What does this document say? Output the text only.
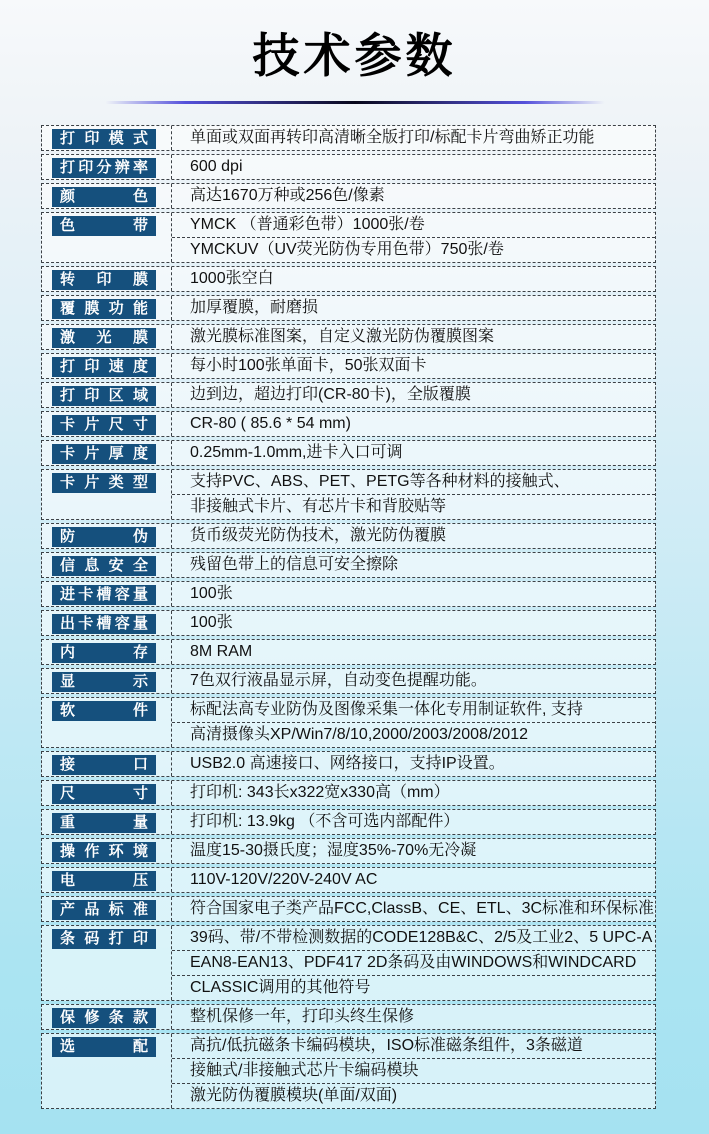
技术参数
打印模式	单面或双面再转印高清晰全版打印/标配卡片弯曲矫正功能
打印分辨率	600 dpi
颜色	高达1670万种或256色/像素
色带	YMCK （普通彩色带）1000张/卷
YMCKUV（UV荧光防伪专用色带）750张/卷
转印膜	1000张空白
覆膜功能	加厚覆膜，耐磨损
激光膜	激光膜标准图案，自定义激光防伪覆膜图案
打印速度	每小时100张单面卡，50张双面卡
打印区域	边到边，超边打印(CR-80卡)，全版覆膜
卡片尺寸	CR-80 ( 85.6 * 54 mm)
卡片厚度	0.25mm-1.0mm,进卡入口可调
卡片类型	支持PVC、ABS、PET、PETG等各种材料的接触式、
非接触式卡片、有芯片卡和背胶贴等
防伪	货币级荧光防伪技术，激光防伪覆膜
信息安全	残留色带上的信息可安全擦除
进卡槽容量	100张
出卡槽容量	100张
内存	8M RAM
显示	7色双行液晶显示屏，自动变色提醒功能。
软件	标配法高专业防伪及图像采集一体化专用制证软件, 支持
高清摄像头XP/Win7/8/10,2000/2003/2008/2012
接口	USB2.0 高速接口、网络接口，支持IP设置。
尺寸	打印机: 343长x322宽x330高（mm）
重量	打印机: 13.9kg （不含可选内部配件）
操作环境	温度15-30摄氏度；湿度35%-70%无冷凝
电压	110V-120V/220V-240V AC
产品标准	符合国家电子类产品FCC,ClassB、CE、ETL、3C标准和环保标准
条码打印	39码、带/不带检测数据的CODE128B&C、2/5及工业2、5 UPC-A
EAN8-EAN13、PDF417 2D条码及由WINDOWS和WINDCARD
CLASSIC调用的其他符号
保修条款	整机保修一年，打印头终生保修
选配	高抗/低抗磁条卡编码模块，ISO标准磁条组件，3条磁道
接触式/非接触式芯片卡编码模块
激光防伪覆膜模块(单面/双面)
